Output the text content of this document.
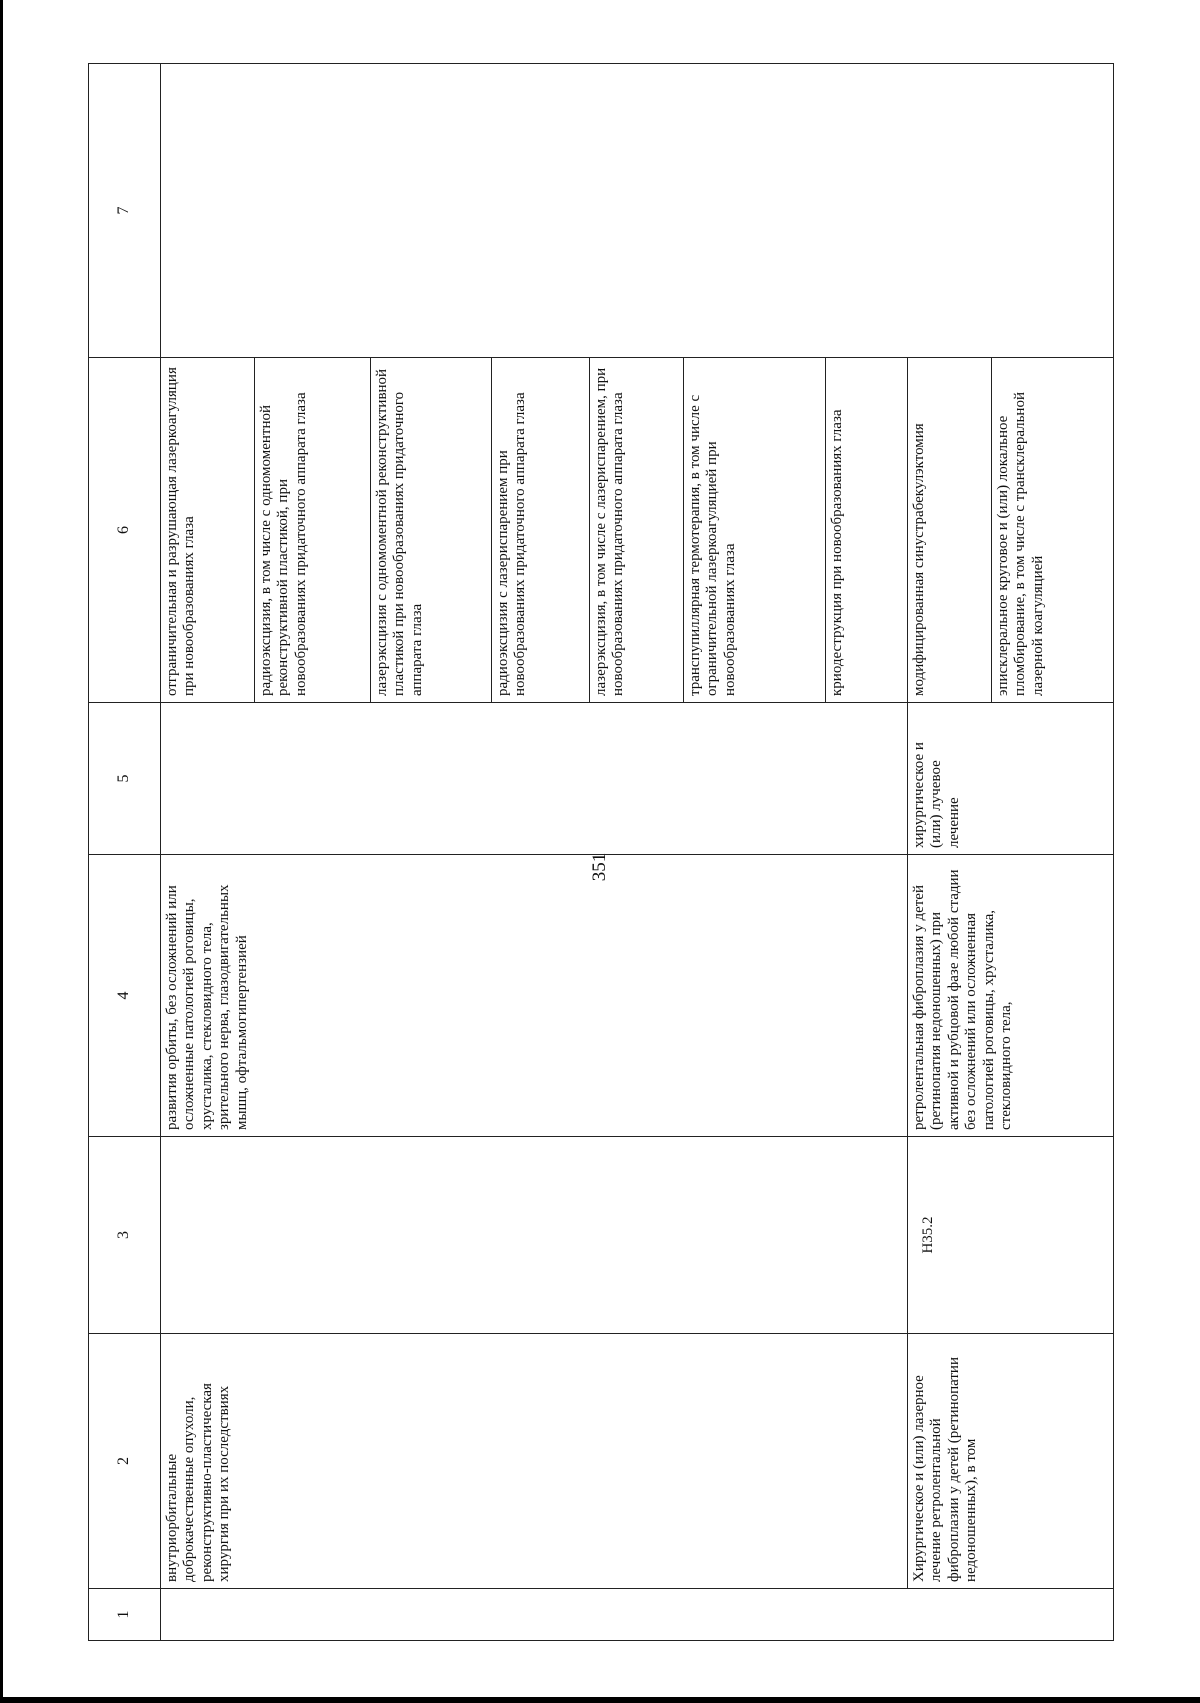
351
1	2	3	4	5	6	7
	внутриорбитальные доброкачественные опухоли, реконструктивно-пластическая хирургия при их последствиях		развития орбиты, без осложнений или осложненные патологией роговицы, хрусталика, стекловидного тела, зрительного нерва, глазодвигательных мышц, офтальмогипертензией		отграничительная и разрушающая лазеркоагуляция при новообразованиях глаза	
					радиоэксцизия, в том числе с одномоментной реконструктивной пластикой, при новообразованиях придаточного аппарата глаза	
					лазерэксцизия с одномоментной реконструктивной пластикой при новообразованиях придаточного аппарата глаза	
					радиоэксцизия с лазериспарением при новообразованиях придаточного аппарата глаза	
					лазерэксцизия, в том числе с лазериспарением, при новообразованиях придаточного аппарата глаза	
					транспупиллярная термотерапия, в том числе с ограничительной лазеркоагуляцией при новообразованиях глаза	
					криодеструкция при новообразованиях глаза	
	Хирургическое и (или) лазерное лечение ретролентальной фиброплазии у детей (ретинопатии недоношенных), в том	H35.2	ретролентальная фиброплазия у детей (ретинопатия недоношенных) при активной и рубцовой фазе любой стадии без осложнений или осложненная патологией роговицы, хрусталика, стекловидного тела,	хирургическое и (или) лучевое лечение	модифицированная синустрабекулэктомия	
					эписклеральное круговое и (или) локальное пломбирование, в том числе с трансклеральной лазерной коагуляцией	
